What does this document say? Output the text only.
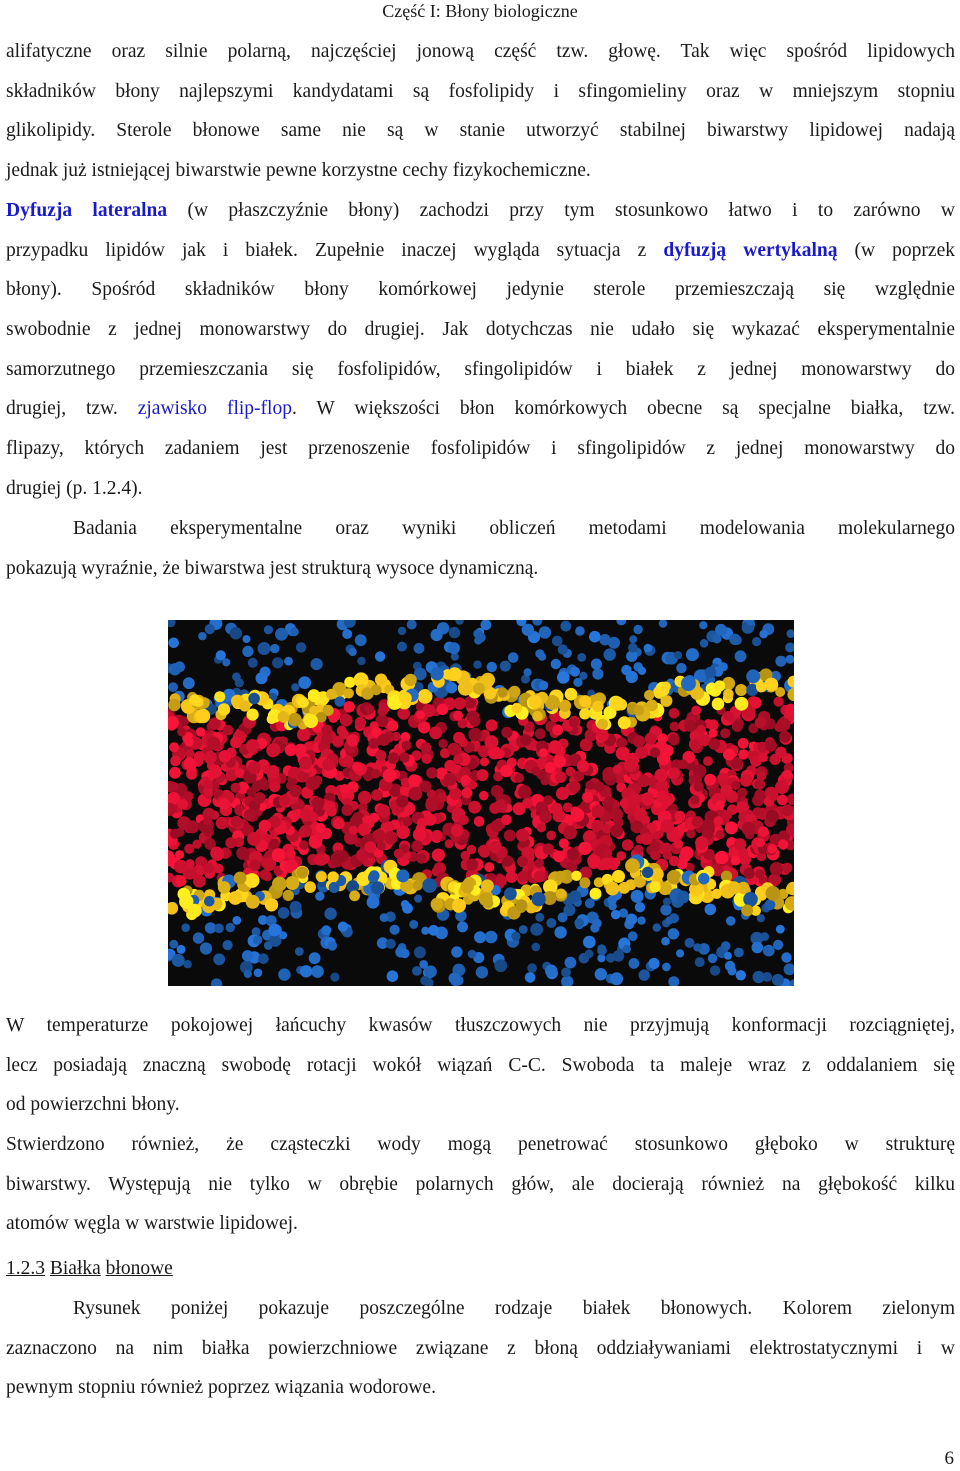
Część I: Błony biologiczne
alifatyczne oraz silnie polarną, najczęściej jonową część tzw. głowę. Tak więc spośród lipidowych
składników błony najlepszymi kandydatami są fosfolipidy i sfingomieliny oraz w mniejszym stopniu
glikolipidy. Sterole błonowe same nie są w stanie utworzyć stabilnej biwarstwy lipidowej nadają
jednak już istniejącej biwarstwie pewne korzystne cechy fizykochemiczne.
Dyfuzja lateralna (w płaszczyźnie błony) zachodzi przy tym stosunkowo łatwo i to zarówno w
przypadku lipidów jak i białek. Zupełnie inaczej wygląda sytuacja z dyfuzją wertykalną (w poprzek
błony). Spośród składników błony komórkowej jedynie sterole przemieszczają się względnie
swobodnie z jednej monowarstwy do drugiej. Jak dotychczas nie udało się wykazać eksperymentalnie
samorzutnego przemieszczania się fosfolipidów, sfingolipidów i białek z jednej monowarstwy do
drugiej, tzw. zjawisko flip-flop. W większości błon komórkowych obecne są specjalne białka, tzw.
flipazy, których zadaniem jest przenoszenie fosfolipidów i sfingolipidów z jednej monowarstwy do
drugiej (p. 1.2.4).
Badania eksperymentalne oraz wyniki obliczeń metodami modelowania molekularnego
pokazują wyraźnie, że biwarstwa jest strukturą wysoce dynamiczną.
W temperaturze pokojowej łańcuchy kwasów tłuszczowych nie przyjmują konformacji rozciągniętej,
lecz posiadają znaczną swobodę rotacji wokół wiązań C-C. Swoboda ta maleje wraz z oddalaniem się
od powierzchni błony.
Stwierdzono również, że cząsteczki wody mogą penetrować stosunkowo głęboko w strukturę
biwarstwy. Występują nie tylko w obrębie polarnych głów, ale docierają również na głębokość kilku
atomów węgla w warstwie lipidowej.
1.2.3 Białka błonowe
Rysunek poniżej pokazuje poszczególne rodzaje białek błonowych. Kolorem zielonym
zaznaczono na nim białka powierzchniowe związane z błoną oddziaływaniami elektrostatycznymi i w
pewnym stopniu również poprzez wiązania wodorowe.
6
